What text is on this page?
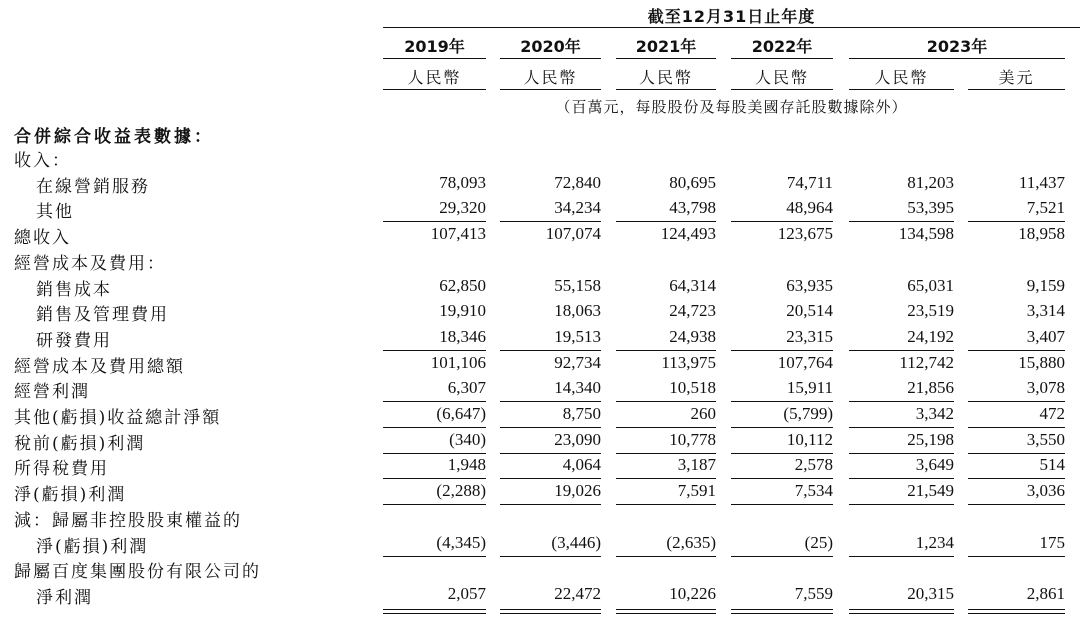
截至12月31日止年度
2019年	2020年	2021年	2022年	2023年
人民幣	人民幣	人民幣	人民幣	人民幣	美元
收入：
在線營銷服務	78,093	72,840	80,695	74,711	81,203	11,437
其他	29,320	34,234	43,798	48,964	53,395	7,521
總收入	107,413	107,074	124,493	123,675	134,598	18,958
經營成本及費用：
銷售成本	62,850	55,158	64,314	63,935	65,031	9,159
銷售及管理費用	19,910	18,063	24,723	20,514	23,519	3,314
研發費用	18,346	19,513	24,938	23,315	24,192	3,407
經營成本及費用總額	101,106	92,734	113,975	107,764	112,742	15,880
經營利潤	6,307	14,340	10,518	15,911	21,856	3,078
其他(虧損)收益總計淨額	(6,647)	8,750	260	(5,799)	3,342	472
稅前(虧損)利潤	(340)	23,090	10,778	10,112	25,198	3,550
所得稅費用	1,948	4,064	3,187	2,578	3,649	514
淨(虧損)利潤	(2,288)	19,026	7,591	7,534	21,549	3,036
減：歸屬非控股股東權益的
淨(虧損)利潤	(4,345)	(3,446)	(2,635)	(25)	1,234	175
歸屬百度集團股份有限公司的
淨利潤	2,057	22,472	10,226	7,559	20,315	2,861
（百萬元，每股股份及每股美國存託股數據除外）
合併綜合收益表數據：
